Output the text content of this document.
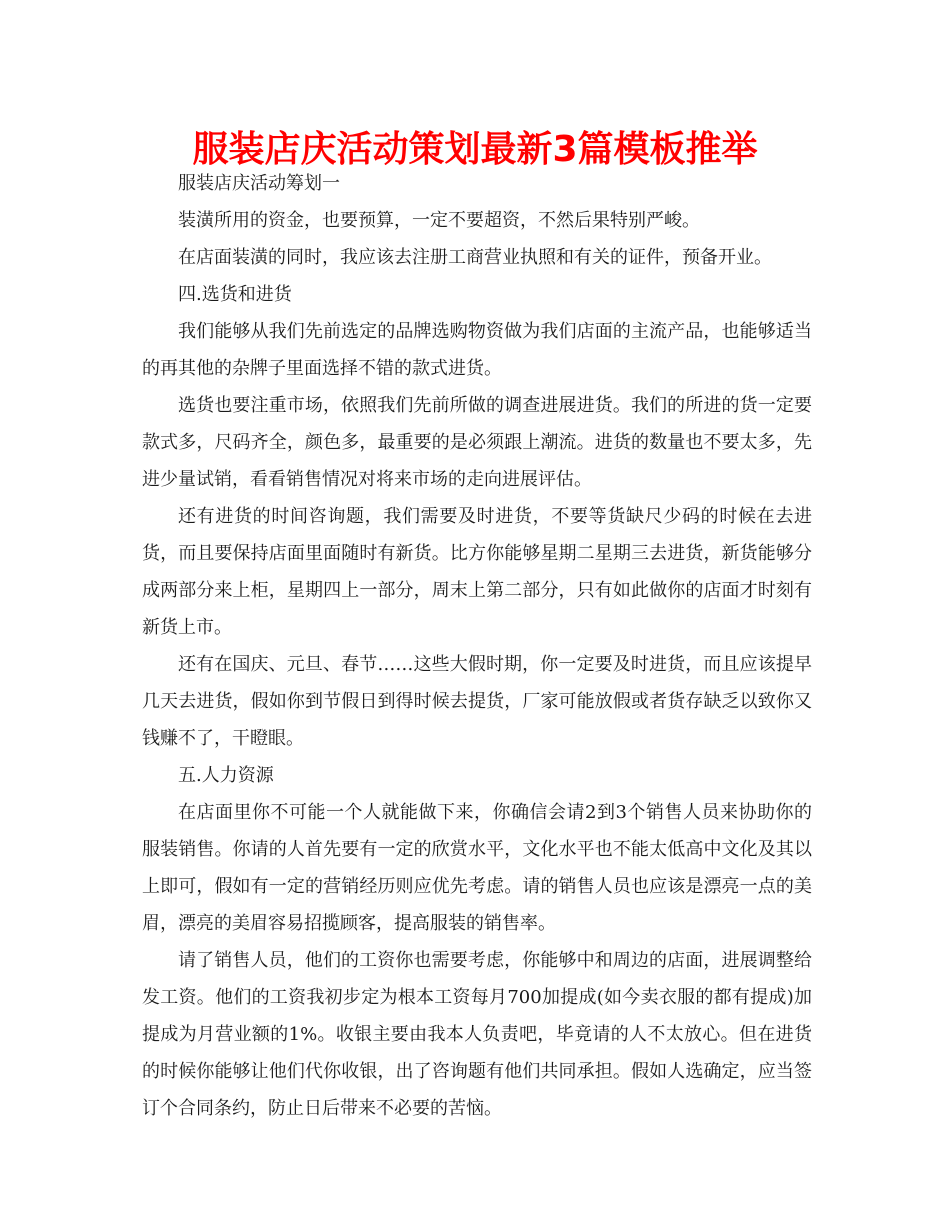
服装店庆活动策划最新3篇模板推举

服装店庆活动筹划一

装潢所用的资金，也要预算，一定不要超资，不然后果特别严峻。

在店面装潢的同时，我应该去注册工商营业执照和有关的证件，预备开业。

四.选货和进货

我们能够从我们先前选定的品牌选购物资做为我们店面的主流产品，也能够适当的再其他的杂牌子里面选择不错的款式进货。

选货也要注重市场，依照我们先前所做的调查进展进货。我们的所进的货一定要款式多，尺码齐全，颜色多，最重要的是必须跟上潮流。进货的数量也不要太多，先进少量试销，看看销售情况对将来市场的走向进展评估。

还有进货的时间咨询题，我们需要及时进货，不要等货缺尺少码的时候在去进货，而且要保持店面里面随时有新货。比方你能够星期二星期三去进货，新货能够分成两部分来上柜，星期四上一部分，周末上第二部分，只有如此做你的店面才时刻有新货上市。

还有在国庆、元旦、春节……这些大假时期，你一定要及时进货，而且应该提早几天去进货，假如你到节假日到得时候去提货，厂家可能放假或者货存缺乏以致你又钱赚不了，干瞪眼。

五.人力资源

在店面里你不可能一个人就能做下来，你确信会请2到3个销售人员来协助你的服装销售。你请的人首先要有一定的欣赏水平，文化水平也不能太低高中文化及其以上即可，假如有一定的营销经历则应优先考虑。请的销售人员也应该是漂亮一点的美眉，漂亮的美眉容易招揽顾客，提高服装的销售率。

请了销售人员，他们的工资你也需要考虑，你能够中和周边的店面，进展调整给发工资。他们的工资我初步定为根本工资每月700加提成(如今卖衣服的都有提成)加提成为月营业额的1%。收银主要由我本人负责吧，毕竟请的人不太放心。但在进货的时候你能够让他们代你收银，出了咨询题有他们共同承担。假如人选确定，应当签订个合同条约，防止日后带来不必要的苦恼。
